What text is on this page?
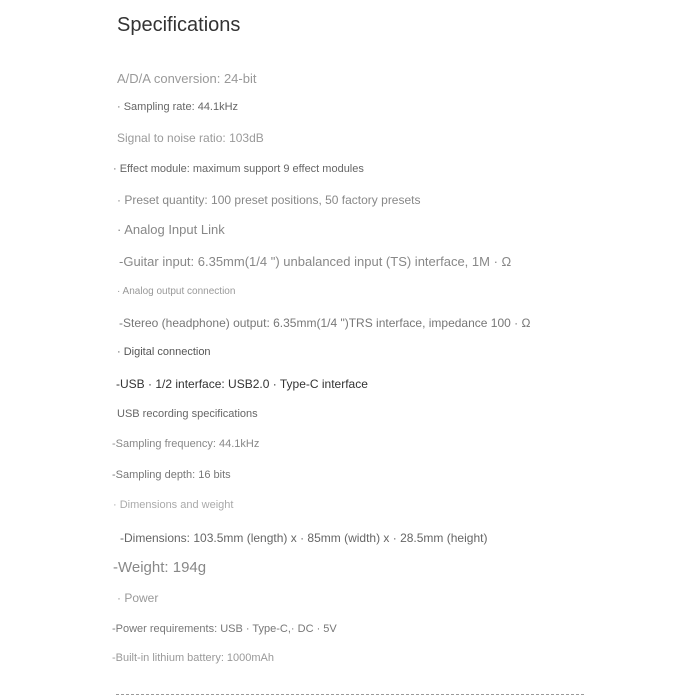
Specifications

A/D/A conversion: 24-bit

· Sampling rate: 44.1kHz

Signal to noise ratio: 103dB

· Effect module: maximum support 9 effect modules

· Preset quantity: 100 preset positions, 50 factory presets

· Analog Input Link

-Guitar input: 6.35mm(1/4 ") unbalanced input (TS) interface, 1M · Ω

· Analog output connection

-Stereo (headphone) output: 6.35mm(1/4 ")TRS interface, impedance 100 · Ω

· Digital connection

-USB · 1/2 interface: USB2.0 · Type-C interface

USB recording specifications

-Sampling frequency: 44.1kHz

-Sampling depth: 16 bits

· Dimensions and weight

-Dimensions: 103.5mm (length) x · 85mm (width) x · 28.5mm (height)

-Weight: 194g

· Power

-Power requirements: USB · Type-C,· DC · 5V

-Built-in lithium battery: 1000mAh
